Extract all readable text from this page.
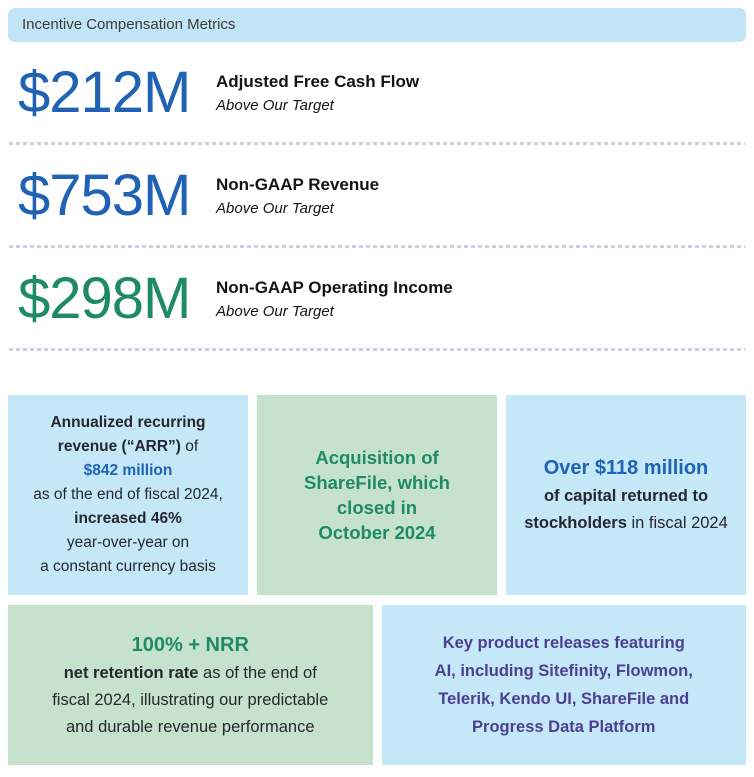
Incentive Compensation Metrics
$212M	Adjusted Free Cash Flow
Above Our Target
$753M	Non-GAAP Revenue
Above Our Target
$298M	Non-GAAP Operating Income
Above Our Target
Annualized recurring
revenue (“ARR”) of
$842 million
as of the end of fiscal 2024,
increased 46%
year-over-year on
a constant currency basis
Acquisition of
ShareFile, which
closed in
October 2024
Over $118 million
of capital returned to
stockholders in fiscal 2024
100% + NRR
net retention rate as of the end of
fiscal 2024, illustrating our predictable
and durable revenue performance
Key product releases featuring
AI, including Sitefinity, Flowmon,
Telerik, Kendo UI, ShareFile and
Progress Data Platform
